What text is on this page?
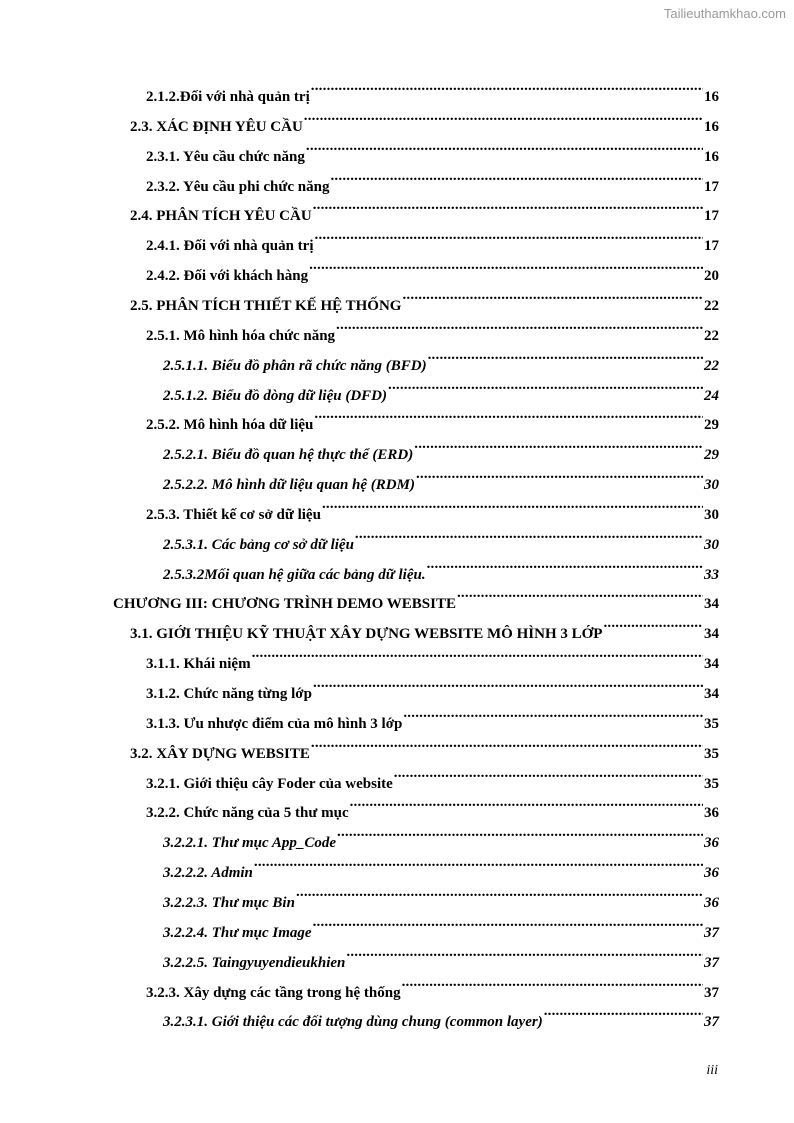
Tailieuthamkhao.com
2.1.2.Đối với nhà quản trị .....	16
2.3. XÁC ĐỊNH YÊU CẦU .....	16
2.3.1. Yêu cầu chức năng .....	16
2.3.2. Yêu cầu phi chức năng .....	17
2.4. PHÂN TÍCH YÊU CẦU .....	17
2.4.1. Đối với nhà quản trị .....	17
2.4.2. Đối với khách hàng .....	20
2.5. PHÂN TÍCH THIẾT KẾ HỆ THỐNG .....	22
2.5.1. Mô hình hóa chức năng .....	22
2.5.1.1. Biểu đồ phân rã chức năng (BFD) .....	22
2.5.1.2. Biểu đồ dòng dữ liệu (DFD) .....	24
2.5.2. Mô hình hóa dữ liệu .....	29
2.5.2.1. Biểu đồ quan hệ thực thể (ERD) .....	29
2.5.2.2. Mô hình dữ liệu quan hệ (RDM) .....	30
2.5.3. Thiết kế cơ sở dữ liệu .....	30
2.5.3.1. Các bảng cơ sở dữ liệu .....	30
2.5.3.2Mối quan hệ giữa các bảng dữ liệu. .....	33
CHƯƠNG III: CHƯƠNG TRÌNH DEMO WEBSITE .....	34
3.1. GIỚI THIỆU KỸ THUẬT XÂY DỰNG WEBSITE MÔ HÌNH 3 LỚP .....	34
3.1.1. Khái niệm .....	34
3.1.2. Chức năng từng lớp .....	34
3.1.3. Ưu nhược điểm của mô hình 3 lớp .....	35
3.2. XÂY DỰNG WEBSITE .....	35
3.2.1. Giới thiệu cây Foder của website .....	35
3.2.2. Chức năng của 5 thư mục .....	36
3.2.2.1. Thư mục App_Code .....	36
3.2.2.2. Admin .....	36
3.2.2.3. Thư mục Bin .....	36
3.2.2.4. Thư mục Image .....	37
3.2.2.5. Taingyuyendieukhien .....	37
3.2.3. Xây dựng các tầng trong hệ thống .....	37
3.2.3.1. Giới thiệu các đối tượng dùng chung (common layer) .....	37
iii
